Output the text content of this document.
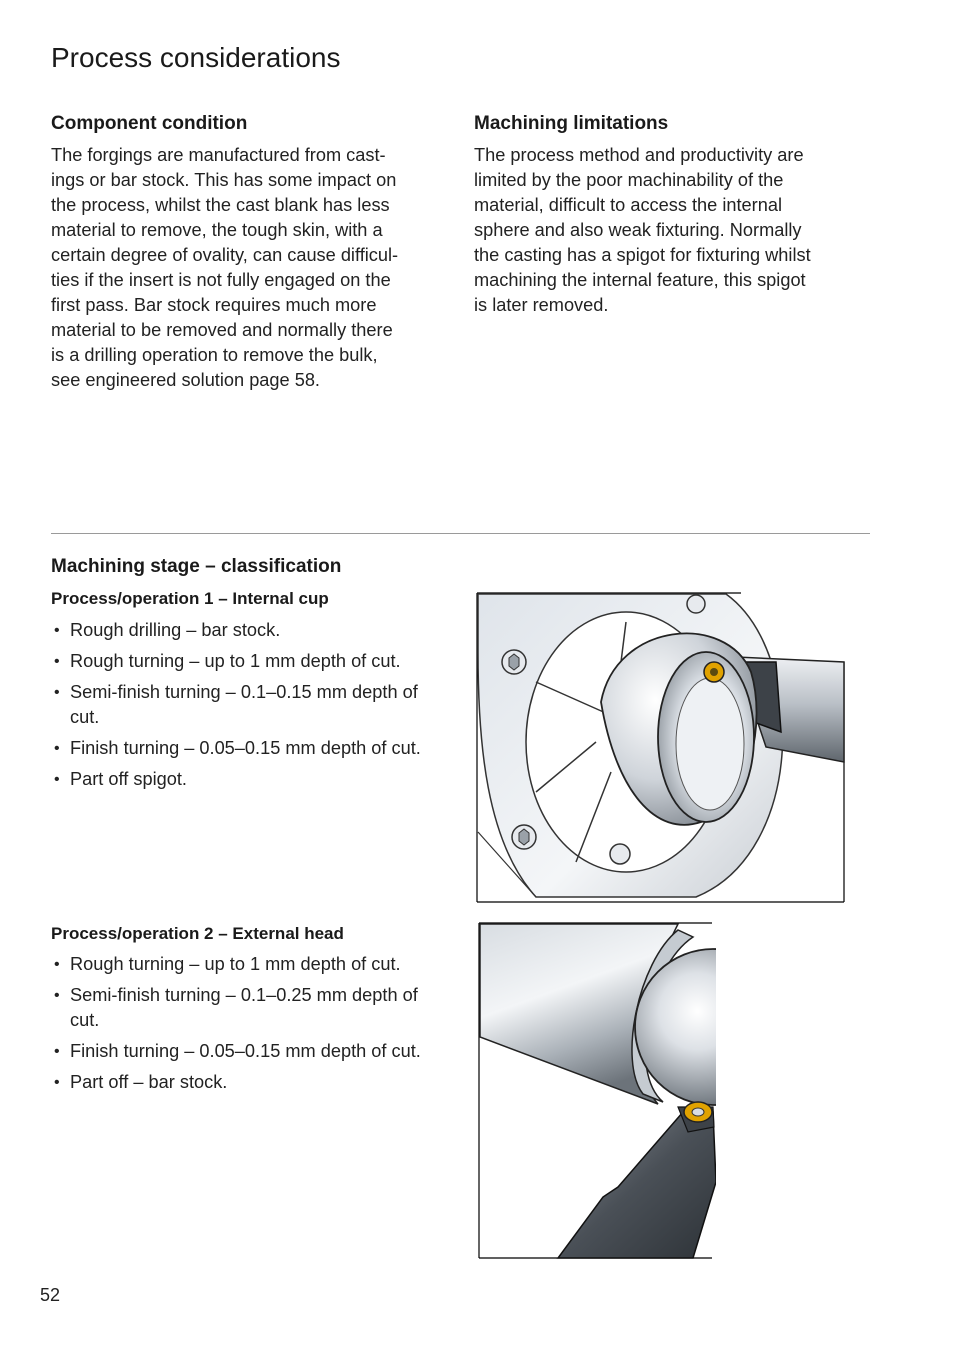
Process considerations
Component condition

The forgings are manufactured from cast-
ings or bar stock. This has some impact on
the process, whilst the cast blank has less
material to remove, the tough skin, with a
certain degree of ovality, can cause difficul-
ties if the insert is not fully engaged on the
first pass. Bar stock requires much more
material to be removed and normally there
is a drilling operation to remove the bulk,
see engineered solution page 58.

Machining limitations

The process method and productivity are
limited by the poor machinability of the
material, difficult to access the internal
sphere and also weak fixturing. Normally
the casting has a spigot for fixturing whilst
machining the internal feature, this spigot
is later removed.

Machining stage – classification
Process/operation 1 – Internal cup
• Rough drilling – bar stock.
• Rough turning – up to 1 mm depth of cut.
• Semi-finish turning – 0.1–0.15 mm depth of cut.
• Finish turning – 0.05–0.15 mm depth of cut.
• Part off spigot.
Process/operation 2 – External head
• Rough turning – up to 1 mm depth of cut.
• Semi-finish turning – 0.1–0.25 mm depth of cut.
• Finish turning – 0.05–0.15 mm depth of cut.
• Part off – bar stock.

52
